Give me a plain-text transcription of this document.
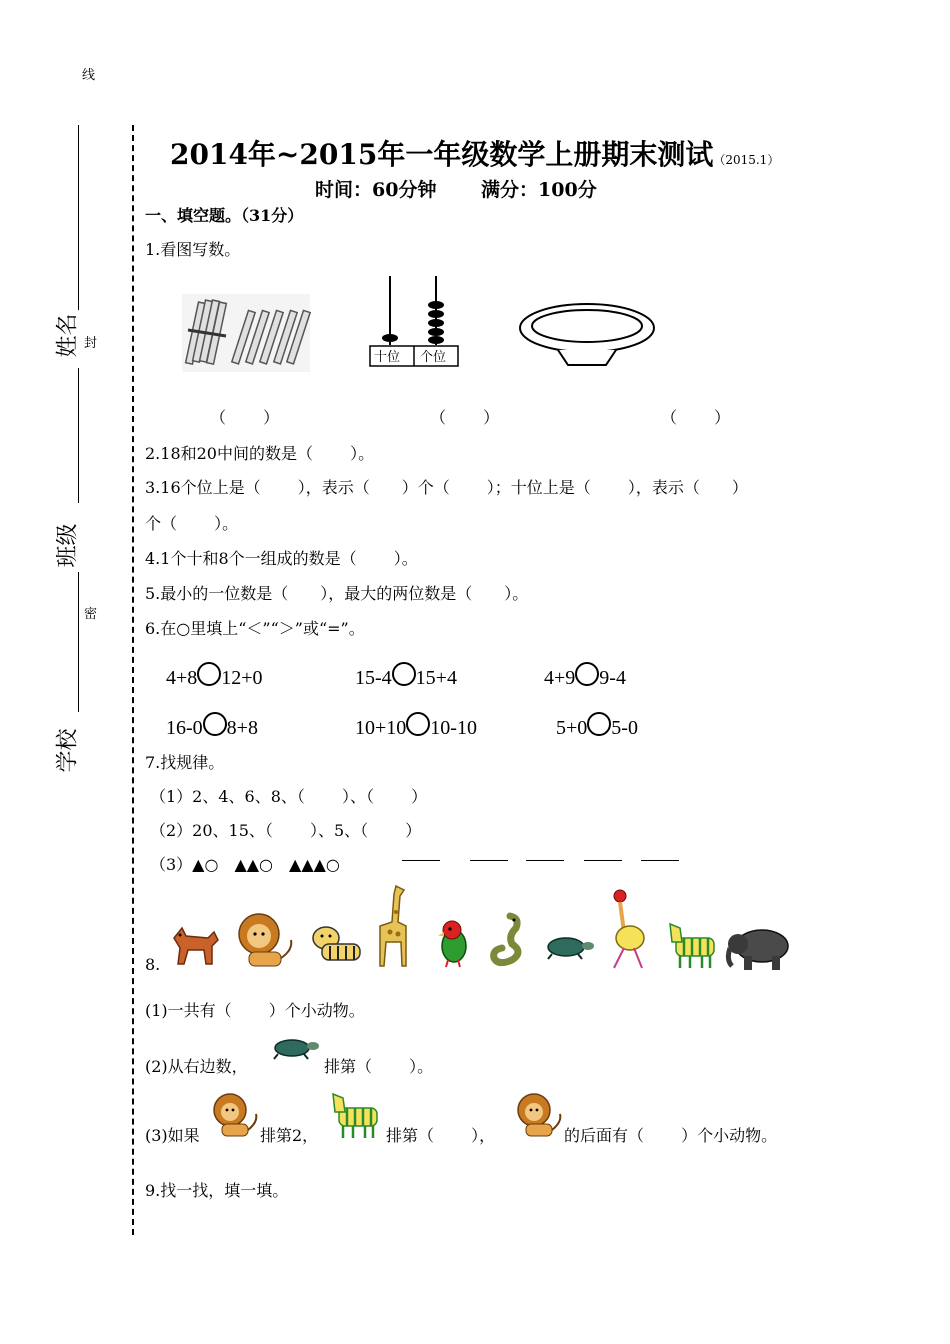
线
封
密
姓名
班级
学校
2014年~2015年一年级数学上册期末测试（2015.1）
时间：60分钟　　 满分：100分
一、填空题。（31分）
1.看图写数。
十位 个位
（　　 ）	（　　 ）	（　　 ）
2.18和20中间的数是（　　 ）。
3.16个位上是（　　 ），表示（　　）个（　　 ）；十位上是（　　 ），表示（　　）
个（　　 ）。
4.1个十和8个一组成的数是（　　 ）。
5.最小的一位数是（　　），最大的两位数是（　　）。
6.在○里填上“＜”“＞”或“=”。
4+8 12+0	15-4 15+4	4+9 9-4
16-0 8+8	10+10 10-10	5+0 5-0
7.找规律。
（1）2、4、6、8、（　　 ）、（　　 ）
（2）20、15、（　　 ）、5、（　　 ）
（3）▲○　▲▲○　▲▲▲○
8.
(1)一共有（　　 ）个小动物。
(2)从右边数，	排第（　　 ）。
(3)如果	排第2，	排第（　　 ），	的后面有（　　 ）个小动物。
9.找一找，填一填。
